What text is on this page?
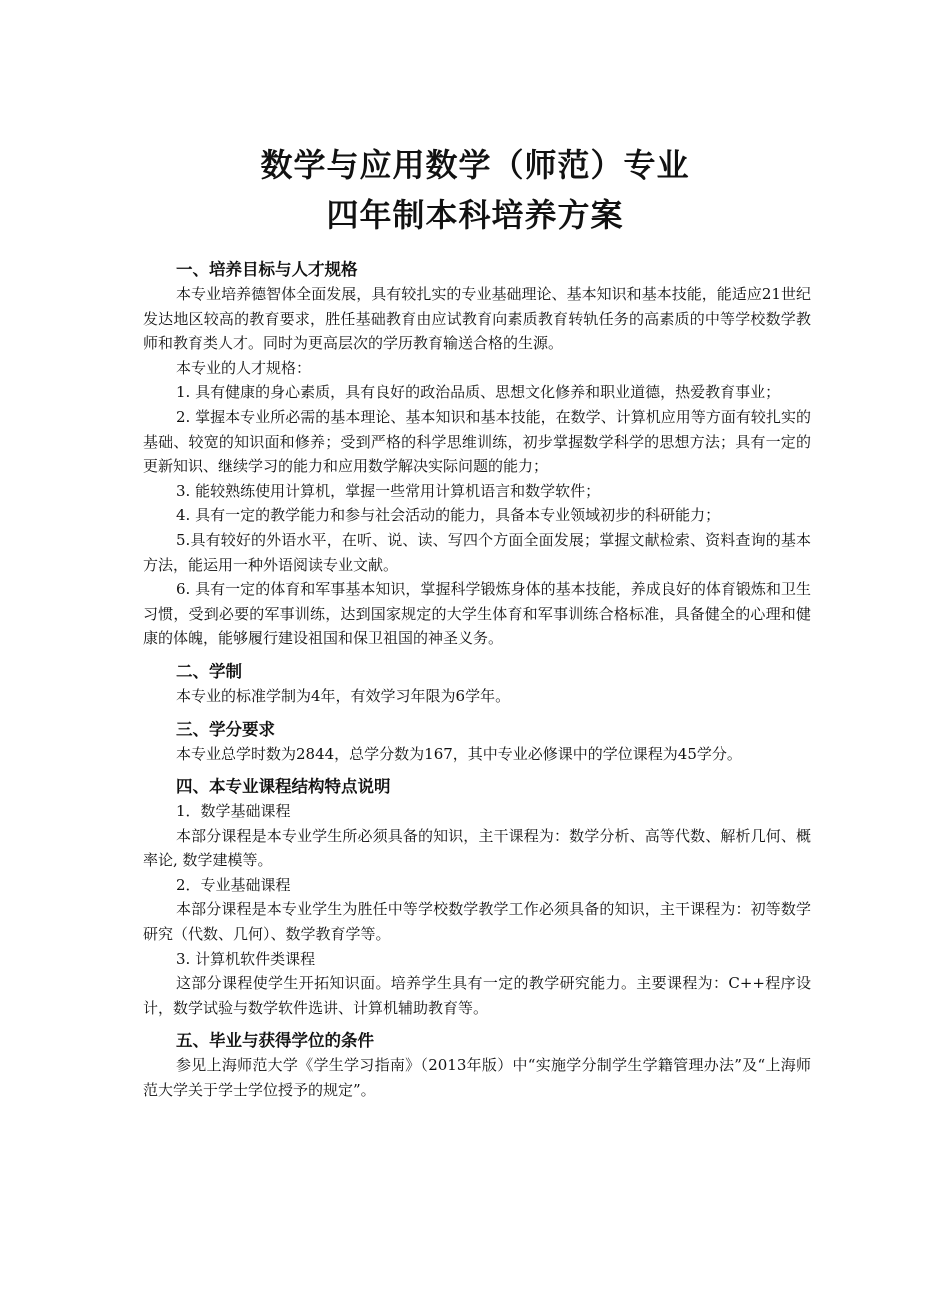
数学与应用数学（师范）专业
四年制本科培养方案
一、培养目标与人才规格

本专业培养德智体全面发展，具有较扎实的专业基础理论、基本知识和基本技能，能适应21世纪发达地区较高的教育要求，胜任基础教育由应试教育向素质教育转轨任务的高素质的中等学校数学教师和教育类人才。同时为更高层次的学历教育输送合格的生源。

本专业的人才规格：

1. 具有健康的身心素质，具有良好的政治品质、思想文化修养和职业道德，热爱教育事业；

2. 掌握本专业所必需的基本理论、基本知识和基本技能，在数学、计算机应用等方面有较扎实的基础、较宽的知识面和修养；受到严格的科学思维训练，初步掌握数学科学的思想方法；具有一定的更新知识、继续学习的能力和应用数学解决实际问题的能力；

3. 能较熟练使用计算机，掌握一些常用计算机语言和数学软件；

4. 具有一定的教学能力和参与社会活动的能力，具备本专业领域初步的科研能力；

5.具有较好的外语水平，在听、说、读、写四个方面全面发展；掌握文献检索、资料查询的基本方法，能运用一种外语阅读专业文献。

6. 具有一定的体育和军事基本知识，掌握科学锻炼身体的基本技能，养成良好的体育锻炼和卫生习惯，受到必要的军事训练，达到国家规定的大学生体育和军事训练合格标准，具备健全的心理和健康的体魄，能够履行建设祖国和保卫祖国的神圣义务。

二、学制

本专业的标准学制为4年，有效学习年限为6学年。

三、学分要求

本专业总学时数为2844，总学分数为167，其中专业必修课中的学位课程为45学分。

四、本专业课程结构特点说明

1．数学基础课程

本部分课程是本专业学生所必须具备的知识，主干课程为：数学分析、高等代数、解析几何、概率论, 数学建模等。

2．专业基础课程

本部分课程是本专业学生为胜任中等学校数学教学工作必须具备的知识，主干课程为：初等数学研究（代数、几何）、数学教育学等。

3. 计算机软件类课程

这部分课程使学生开拓知识面。培养学生具有一定的教学研究能力。主要课程为：C++程序设计，数学试验与数学软件选讲、计算机辅助教育等。

五、毕业与获得学位的条件

参见上海师范大学《学生学习指南》（2013年版）中“实施学分制学生学籍管理办法”及“上海师范大学关于学士学位授予的规定”。
